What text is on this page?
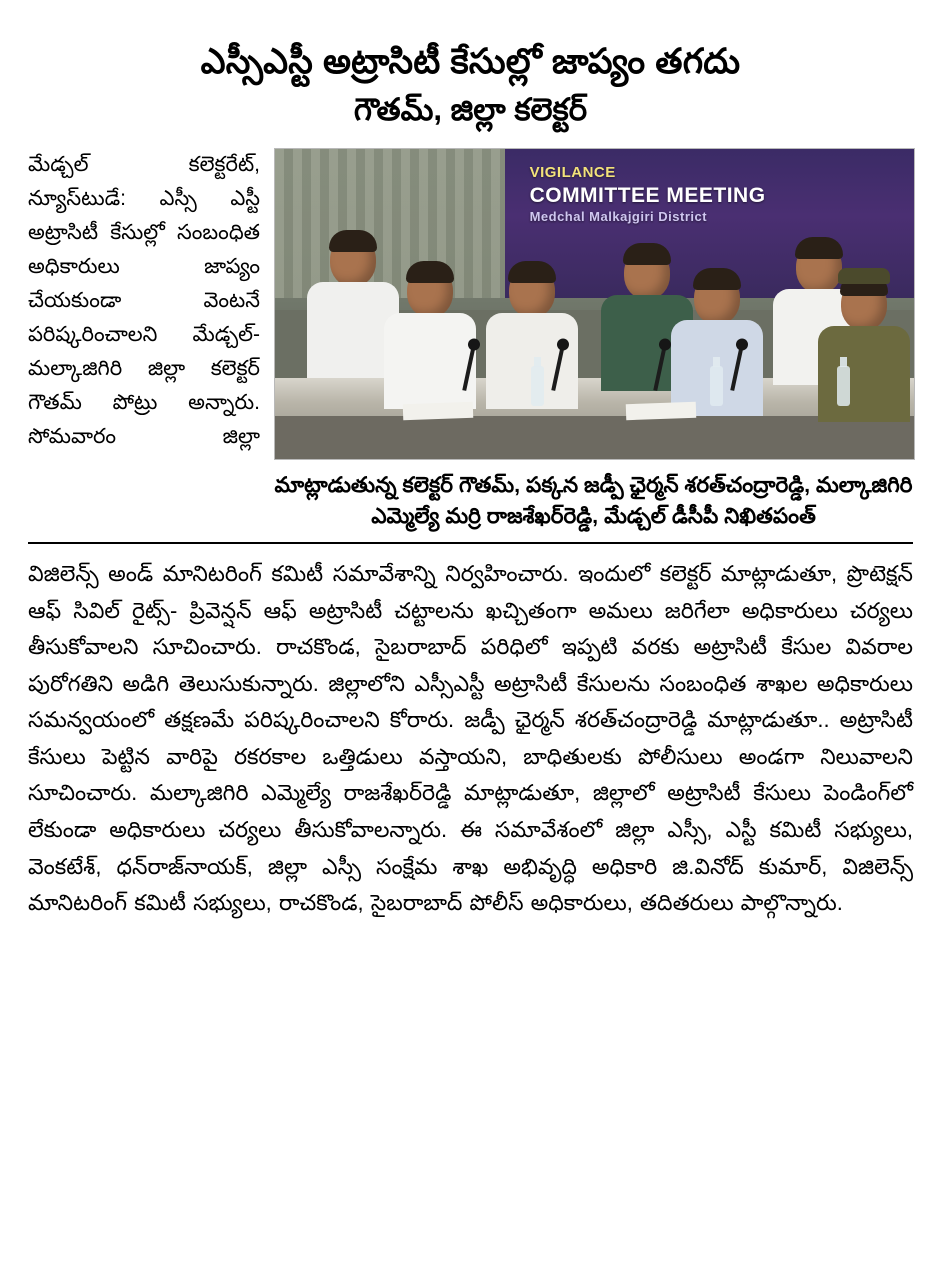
ఎస్సీఎస్టీ అట్రాసిటీ కేసుల్లో జాప్యం తగదు
గౌతమ్, జిల్లా కలెక్టర్
మేడ్చల్ కలెక్టరేట్, న్యూస్‌టుడే: ఎస్సీ ఎస్టీ అట్రాసిటీ కేసుల్లో సంబంధిత అధికారులు జాప్యం చేయకుండా వెంటనే పరిష్కరించాలని మేడ్చల్-మల్కాజిగిరి జిల్లా కలెక్టర్ గౌతమ్ పోట్రు అన్నారు. సోమవారం జిల్లా
VIGILANCE
COMMITTEE MEETING
Medchal Malkajgiri District
మాట్లాడుతున్న కలెక్టర్ గౌతమ్, పక్కన జడ్పీ ఛైర్మన్ శరత్‌చంద్రారెడ్డి, మల్కాజిగిరి ఎమ్మెల్యే మర్రి రాజశేఖర్‌రెడ్డి, మేడ్చల్ డీసీపీ నిఖితపంత్

విజిలెన్స్ అండ్ మానిటరింగ్ కమిటీ సమావేశాన్ని నిర్వహించారు. ఇందులో కలెక్టర్ మాట్లాడుతూ, ప్రొటెక్షన్ ఆఫ్ సివిల్ రైట్స్- ప్రివెన్షన్ ఆఫ్ అట్రాసిటీ చట్టాలను ఖచ్చితంగా అమలు జరిగేలా అధికారులు చర్యలు తీసుకోవాలని సూచించారు. రాచకొండ, సైబరాబాద్ పరిధిలో ఇప్పటి వరకు అట్రాసిటీ కేసుల వివరాల పురోగతిని అడిగి తెలుసుకున్నారు. జిల్లాలోని ఎస్సీఎస్టీ అట్రాసిటీ కేసులను సంబంధిత శాఖల అధికారులు సమన్వయంలో తక్షణమే పరిష్కరించాలని కోరారు. జడ్పీ ఛైర్మన్ శరత్‌చంద్రారెడ్డి మాట్లాడుతూ.. అట్రాసిటీ కేసులు పెట్టిన వారిపై రకరకాల ఒత్తిడులు వస్తాయని, బాధితులకు పోలీసులు అండగా నిలువాలని సూచించారు. మల్కాజిగిరి ఎమ్మెల్యే రాజశేఖర్‌రెడ్డి మాట్లాడుతూ, జిల్లాలో అట్రాసిటీ కేసులు పెండింగ్‌లో లేకుండా అధికారులు చర్యలు తీసుకోవాలన్నారు. ఈ సమావేశంలో జిల్లా ఎస్సీ, ఎస్టీ కమిటీ సభ్యులు, వెంకటేశ్, ధన్‌రాజ్‌నాయక్, జిల్లా ఎస్సీ సంక్షేమ శాఖ అభివృద్ధి అధికారి జి.వినోద్ కుమార్, విజిలెన్స్ మానిటరింగ్ కమిటీ సభ్యులు, రాచకొండ, సైబరాబాద్ పోలీస్ అధికారులు, తదితరులు పాల్గొన్నారు.
